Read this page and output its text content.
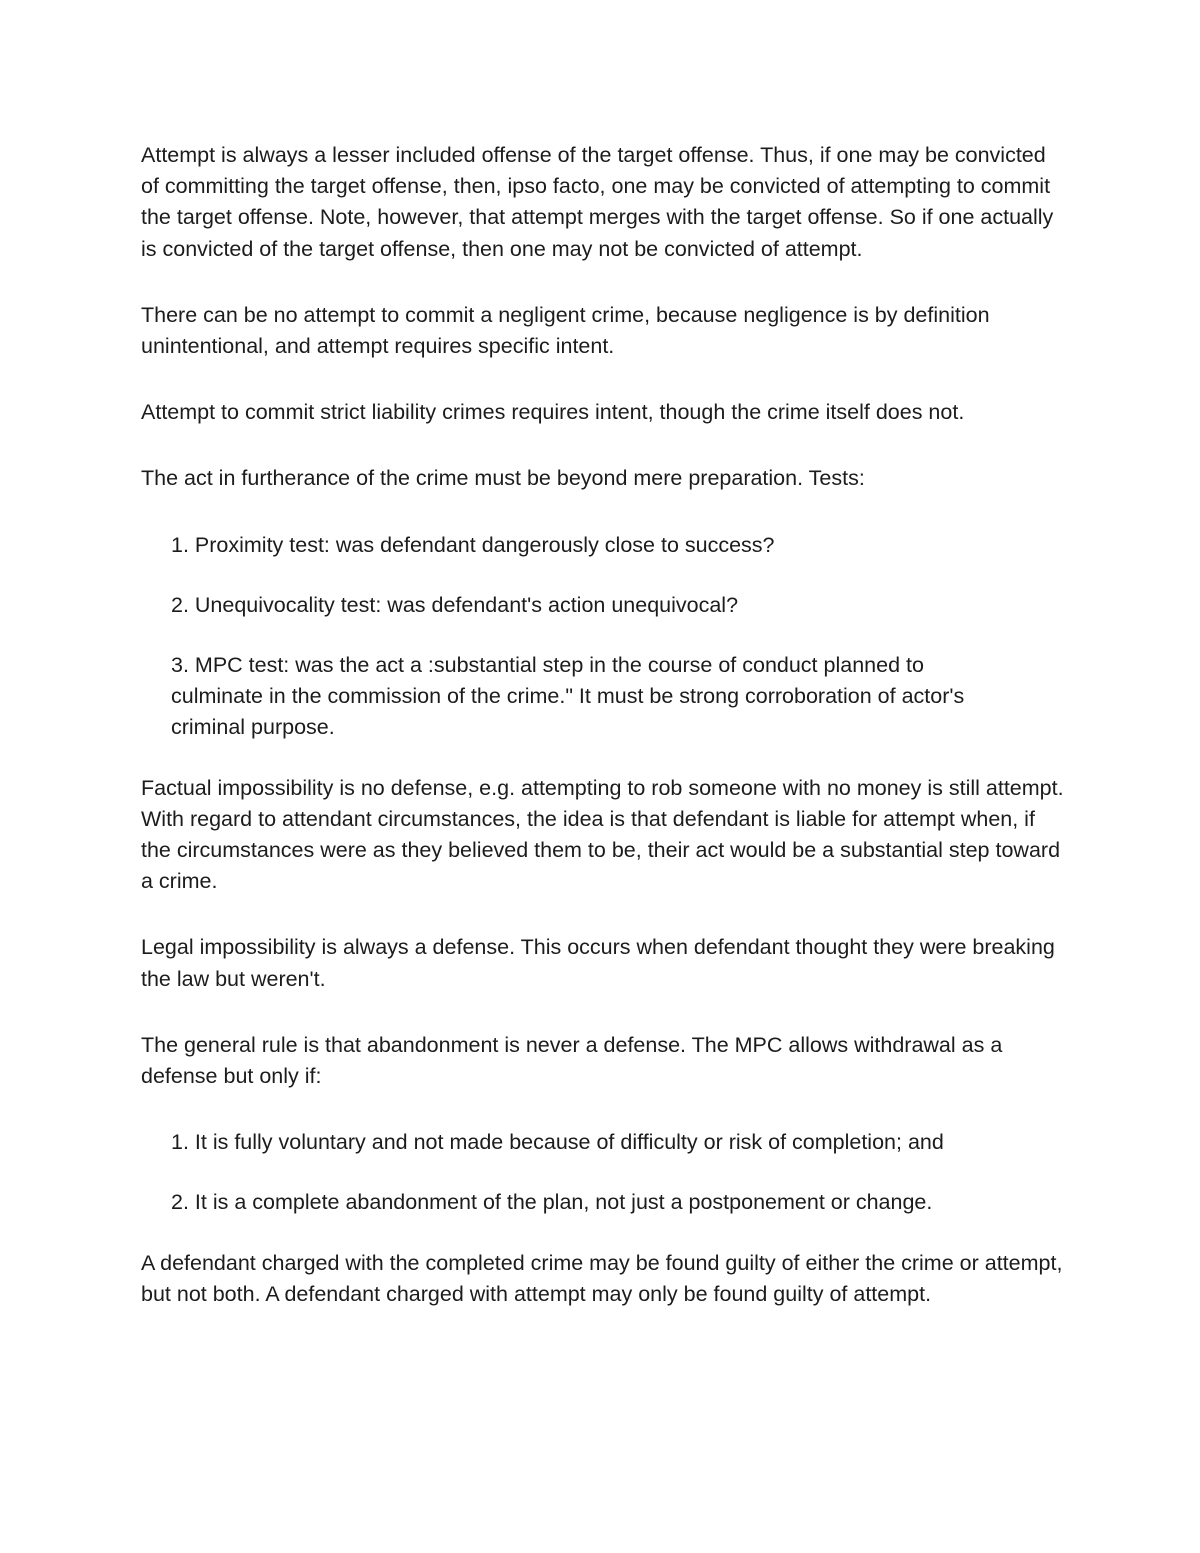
Attempt is always a lesser included offense of the target offense. Thus, if one may be convicted of committing the target offense, then, ipso facto, one may be convicted of attempting to commit the target offense. Note, however, that attempt merges with the target offense. So if one actually is convicted of the target offense, then one may not be convicted of attempt.

There can be no attempt to commit a negligent crime, because negligence is by definition unintentional, and attempt requires specific intent.

Attempt to commit strict liability crimes requires intent, though the crime itself does not.

The act in furtherance of the crime must be beyond mere preparation. Tests:

1. Proximity test: was defendant dangerously close to success?

2. Unequivocality test: was defendant's action unequivocal?

3. MPC test: was the act a :substantial step in the course of conduct planned to culminate in the commission of the crime." It must be strong corroboration of actor's criminal purpose.

Factual impossibility is no defense, e.g. attempting to rob someone with no money is still attempt. With regard to attendant circumstances, the idea is that defendant is liable for attempt when, if the circumstances were as they believed them to be, their act would be a substantial step toward a crime.

Legal impossibility is always a defense. This occurs when defendant thought they were breaking the law but weren't.

The general rule is that abandonment is never a defense. The MPC allows withdrawal as a defense but only if:

1. It is fully voluntary and not made because of difficulty or risk of completion; and

2. It is a complete abandonment of the plan, not just a postponement or change.

A defendant charged with the completed crime may be found guilty of either the crime or attempt, but not both. A defendant charged with attempt may only be found guilty of attempt.
